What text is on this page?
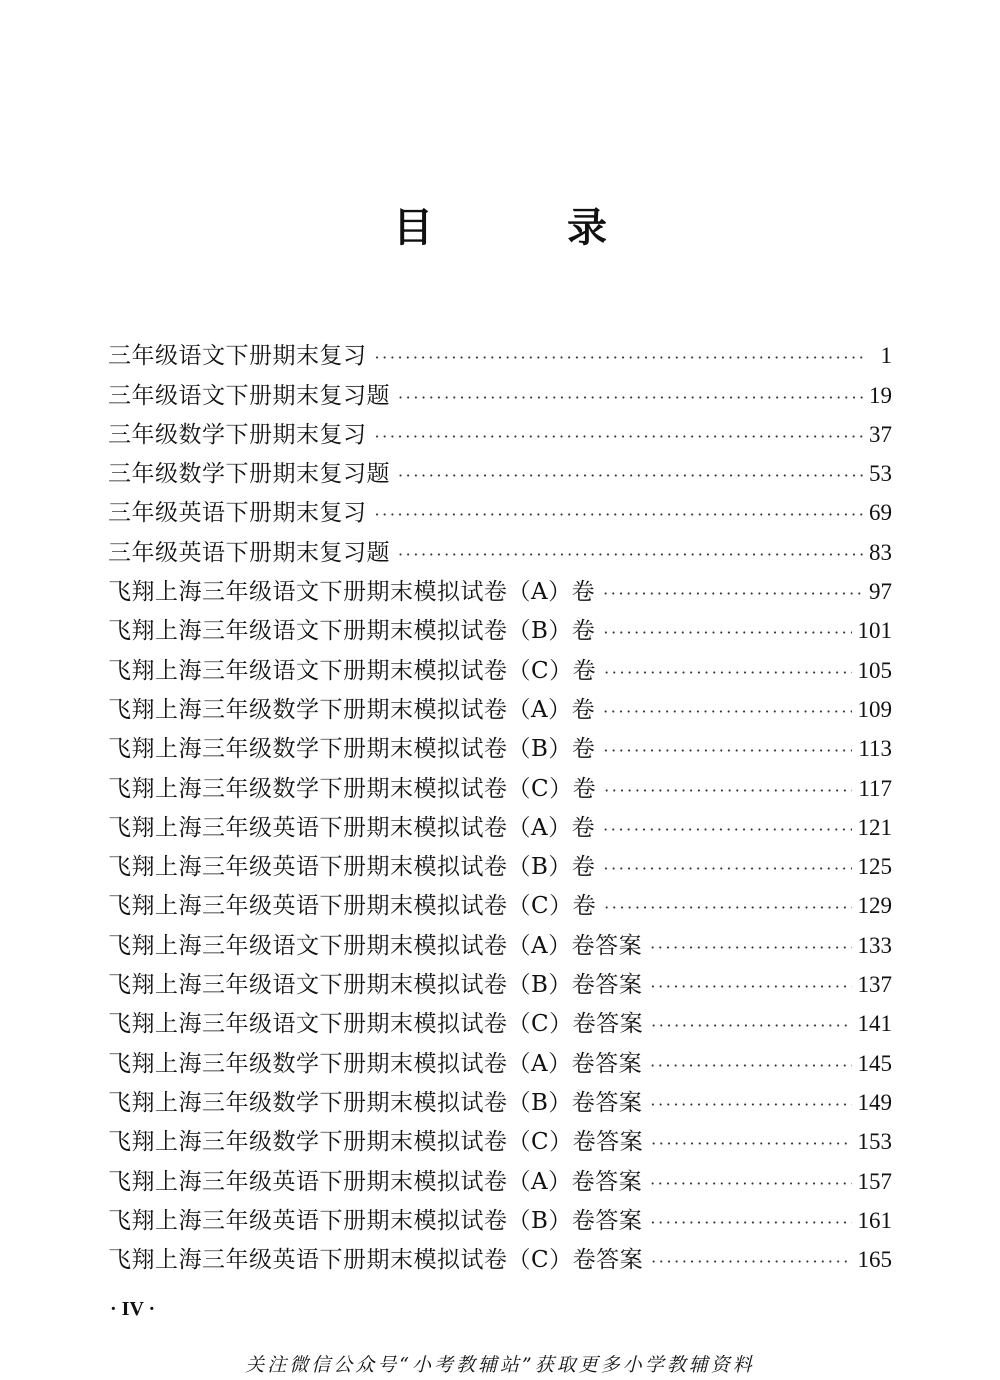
目 录
三年级语文下册期末复习 ·····	1
三年级语文下册期末复习题 ·····	19
三年级数学下册期末复习 ·····	37
三年级数学下册期末复习题 ·····	53
三年级英语下册期末复习 ·····	69
三年级英语下册期末复习题 ·····	83
飞翔上海三年级语文下册期末模拟试卷（A）卷 ·····	97
飞翔上海三年级语文下册期末模拟试卷（B）卷 ·····	101
飞翔上海三年级语文下册期末模拟试卷（C）卷 ·····	105
飞翔上海三年级数学下册期末模拟试卷（A）卷 ·····	109
飞翔上海三年级数学下册期末模拟试卷（B）卷 ·····	113
飞翔上海三年级数学下册期末模拟试卷（C）卷 ·····	117
飞翔上海三年级英语下册期末模拟试卷（A）卷 ·····	121
飞翔上海三年级英语下册期末模拟试卷（B）卷 ·····	125
飞翔上海三年级英语下册期末模拟试卷（C）卷 ·····	129
飞翔上海三年级语文下册期末模拟试卷（A）卷答案 ·····	133
飞翔上海三年级语文下册期末模拟试卷（B）卷答案 ·····	137
飞翔上海三年级语文下册期末模拟试卷（C）卷答案 ·····	141
飞翔上海三年级数学下册期末模拟试卷（A）卷答案 ·····	145
飞翔上海三年级数学下册期末模拟试卷（B）卷答案 ·····	149
飞翔上海三年级数学下册期末模拟试卷（C）卷答案 ·····	153
飞翔上海三年级英语下册期末模拟试卷（A）卷答案 ·····	157
飞翔上海三年级英语下册期末模拟试卷（B）卷答案 ·····	161
飞翔上海三年级英语下册期末模拟试卷（C）卷答案 ·····	165
· IV ·
关注微信公众号“小考教辅站”获取更多小学教辅资料
